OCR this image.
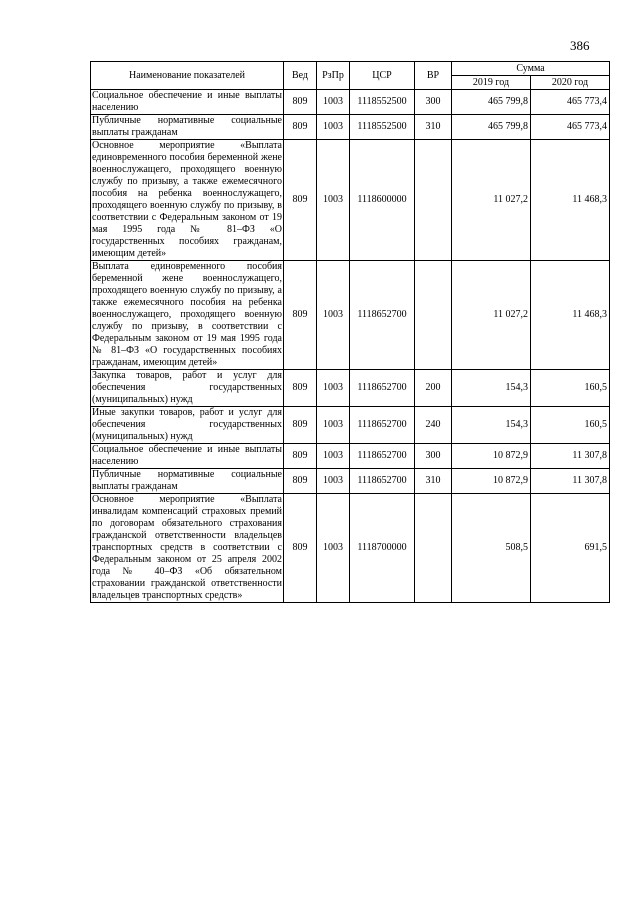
386
Наименование показателей	Вед	РзПр	ЦСР	ВР	Сумма	
					2019 год	2020 год
Социальное обеспечение и иные выплаты населению	809	1003	1118552500	300	465 799,8	465 773,4
Публичные нормативные социальные выплаты гражданам	809	1003	1118552500	310	465 799,8	465 773,4
Основное мероприятие «Выплата единовременного пособия беременной жене военнослужащего, проходящего военную службу по призыву, а также ежемесячного пособия на ребенка военнослужащего, проходящего военную службу по призыву, в соответствии с Федеральным законом от 19 мая 1995 года № 81–ФЗ «О государственных пособиях гражданам, имеющим детей»	809	1003	1118600000		11 027,2	11 468,3
Выплата единовременного пособия беременной жене военнослужащего, проходящего военную службу по призыву, а также ежемесячного пособия на ребенка военнослужащего, проходящего военную службу по призыву, в соответствии с Федеральным законом от 19 мая 1995 года № 81–ФЗ «О государственных пособиях гражданам, имеющим детей»	809	1003	1118652700		11 027,2	11 468,3
Закупка товаров, работ и услуг для обеспечения государственных (муниципальных) нужд	809	1003	1118652700	200	154,3	160,5
Иные закупки товаров, работ и услуг для обеспечения государственных (муниципальных) нужд	809	1003	1118652700	240	154,3	160,5
Социальное обеспечение и иные выплаты населению	809	1003	1118652700	300	10 872,9	11 307,8
Публичные нормативные социальные выплаты гражданам	809	1003	1118652700	310	10 872,9	11 307,8
Основное мероприятие «Выплата инвалидам компенсаций страховых премий по договорам обязательного страхования гражданской ответственности владельцев транспортных средств в соответствии с Федеральным законом от 25 апреля 2002 года № 40–ФЗ «Об обязательном страховании гражданской ответственности владельцев транспортных средств»	809	1003	1118700000		508,5	691,5
